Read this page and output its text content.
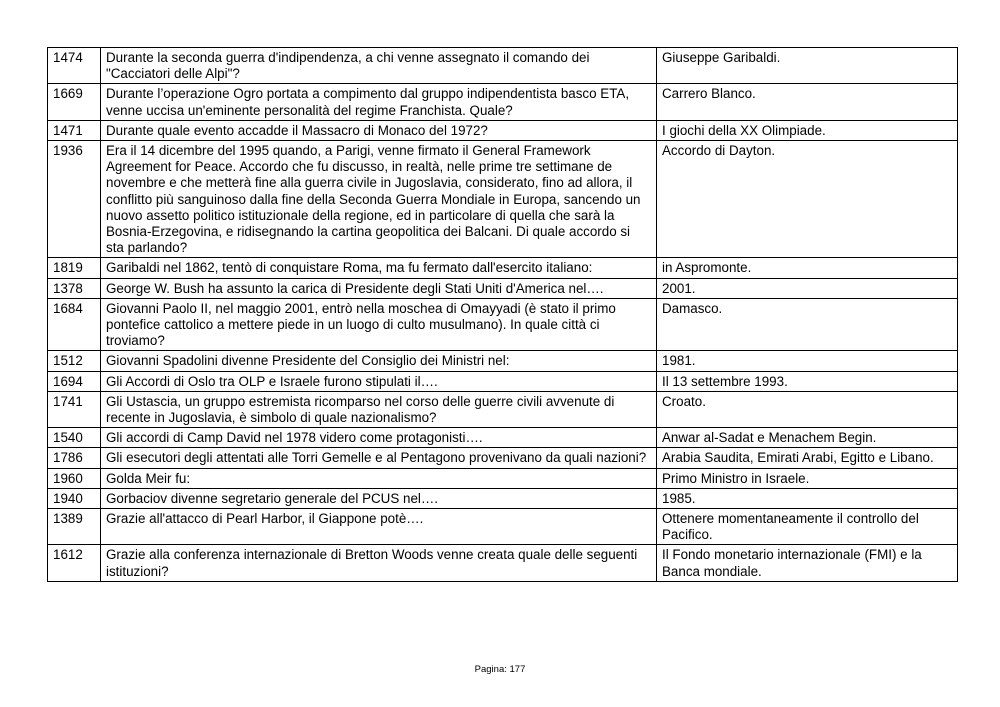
1474	Durante la seconda guerra d'indipendenza, a chi venne assegnato il comando dei "Cacciatori delle Alpi"?	Giuseppe Garibaldi.
1669	Durante l’operazione Ogro portata a compimento dal gruppo indipendentista basco ETA, venne uccisa un'eminente personalità del regime Franchista. Quale?	Carrero Blanco.
1471	Durante quale evento accadde il Massacro di Monaco del 1972?	I giochi della XX Olimpiade.
1936	Era il 14 dicembre del 1995 quando, a Parigi, venne firmato il General Framework Agreement for Peace. Accordo che fu discusso, in realtà, nelle prime tre settimane de novembre e che metterà fine alla guerra civile in Jugoslavia, considerato, fino ad allora, il conflitto più sanguinoso dalla fine della Seconda Guerra Mondiale in Europa, sancendo un nuovo assetto politico istituzionale della regione, ed in particolare di quella che sarà la Bosnia-Erzegovina, e ridisegnando la cartina geopolitica dei Balcani. Di quale accordo si sta parlando?	Accordo di Dayton.
1819	Garibaldi nel 1862, tentò di conquistare Roma, ma fu fermato dall'esercito italiano:	in Aspromonte.
1378	George W. Bush ha assunto la carica di Presidente degli Stati Uniti d'America nel….	2001.
1684	Giovanni Paolo II, nel maggio 2001, entrò nella moschea di Omayyadi (è stato il primo pontefice cattolico a mettere piede in un luogo di culto musulmano). In quale città ci troviamo?	Damasco.
1512	Giovanni Spadolini divenne Presidente del Consiglio dei Ministri nel:	1981.
1694	Gli Accordi di Oslo tra OLP e Israele furono stipulati il….	Il 13 settembre 1993.
1741	Gli Ustascia, un gruppo estremista ricomparso nel corso delle guerre civili avvenute di recente in Jugoslavia, è simbolo di quale nazionalismo?	Croato.
1540	Gli accordi di Camp David nel 1978 videro come protagonisti….	Anwar al-Sadat e Menachem Begin.
1786	Gli esecutori degli attentati alle Torri Gemelle e al Pentagono provenivano da quali nazioni?	Arabia Saudita, Emirati Arabi, Egitto e Libano.
1960	Golda Meir fu:	Primo Ministro in Israele.
1940	Gorbaciov divenne segretario generale del PCUS nel….	1985.
1389	Grazie all'attacco di Pearl Harbor, il Giappone potè….	Ottenere momentaneamente il controllo del Pacifico.
1612	Grazie alla conferenza internazionale di Bretton Woods venne creata quale delle seguenti istituzioni?	Il Fondo monetario internazionale (FMI) e la Banca mondiale.
Pagina: 177
